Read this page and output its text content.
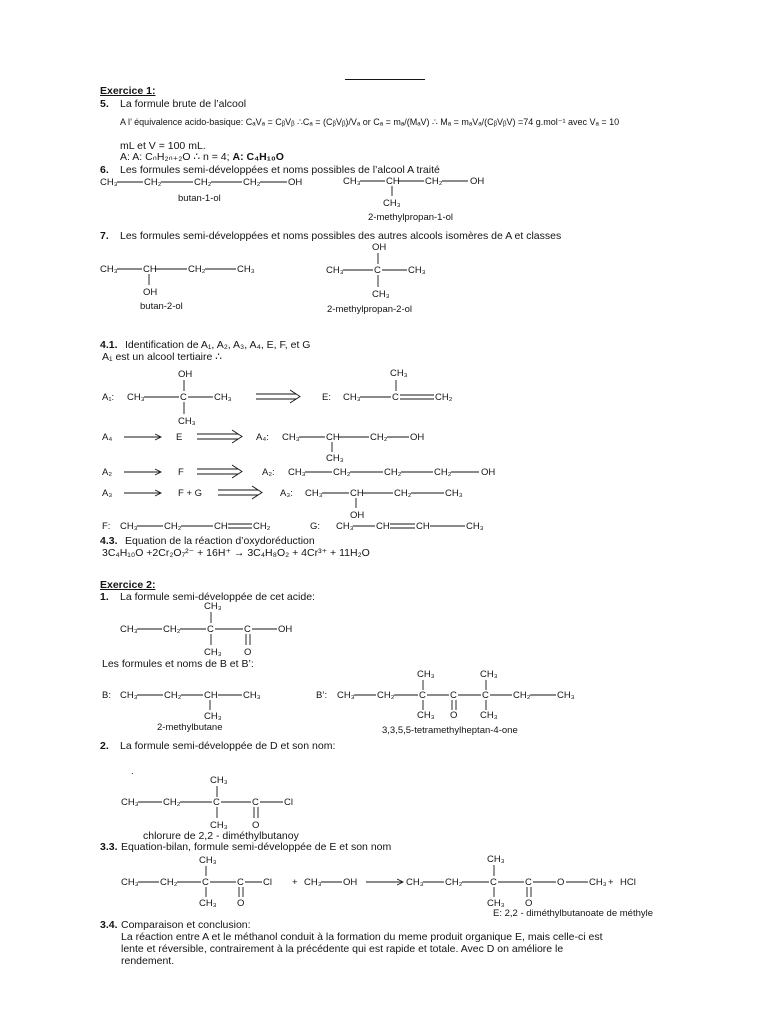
Exercice 1:
5. La formule brute de l’alcool
A l’ équivalence acido-basique: CₐVₐ = CᵦVᵦ ∴Cₐ = (CᵦVᵦ)/Vₐ or Cₐ = mₐ/(MₐV) ∴ Mₐ = mₐVₐ/(CᵦVᵦV) =74 g.mol⁻¹ avec Vₐ = 10
mL et V = 100 mL.
A: A: CₙH₂ₙ₊₂O ∴ n = 4; A: C₄H₁₀O
6. Les formules semi-développées et noms possibles de l’alcool A traité
butan-1-ol
2-methylpropan-1-ol
7. Les formules semi-développées et noms possibles des autres alcools isomères de A et classes
butan-2-ol	2-methylpropan-2-ol
4.1. Identification de A₁, A₂, A₃, A₄, E, F, et G
A₁ est un alcool tertiaire ∴
4.3. Equation de la réaction d’oxydoréduction
3C₄H₁₀O +2Cr₂O₇²⁻ + 16H⁺ → 3C₄H₈O₂ + 4Cr³⁺ + 11H₂O
Exercice 2:
1. La formule semi-développée de cet acide:
Les formules et noms de B et B’:
2-methylbutane	3,3,5,5-tetramethylheptan-4-one
2. La formule semi-développée de D et son nom:
chlorure de 2,2 - diméthylbutanoy
3.3. Equation-bilan, formule semi-développée de E et son nom
E: 2,2 - diméthylbutanoate de méthyle
3.4. Comparaison et conclusion:
La réaction entre A et le méthanol conduit à la formation du meme produit organique E, mais celle-ci est
lente et réversible, contrairement à la précédente qui est rapide et totale. Avec D on améliore le
rendement.
CH₃	CH₂	CH₂	CH₂	OH	CH₃	CH	CH₂	OH
CH₃
CH₃	CH	CH₂	CH₃
OH
OH
CH₃	C	CH₃
CH₃
A₁:
OH
CH₃	C	CH₃
CH₃
E: CH₃	C	CH₂
CH₃
A₄	E	A₄: CH₃	CH	CH₂ OH
CH₃
A₂	F	A₂: CH₃	CH₂	CH₂	CH₂	OH
A₃	F + G	A₃: CH₃	CH	CH₂	CH₃
OH
F: CH₃	CH₂	CH	CH₂	G: CH₃ CH	CH	CH₃
CH₃
CH₃	CH₂	C	C	OH
CH₃ O
B: CH₃	CH₂ CH	CH₃
CH₃
B’: CH₃ CH₂	C	C	C	CH₂	CH₃
CH₃
CH₃ O
CH₃
CH₃
.
CH₃
CH₃	CH₂	C	C	Cl
CH₃	O
CH₃
CH₃ CH₂	C	C Cl
CH₃ O
+ CH₃ OH	CH₃ CH₂	C	C	O	CH₃ + HCl
CH₃
CH₃ O
